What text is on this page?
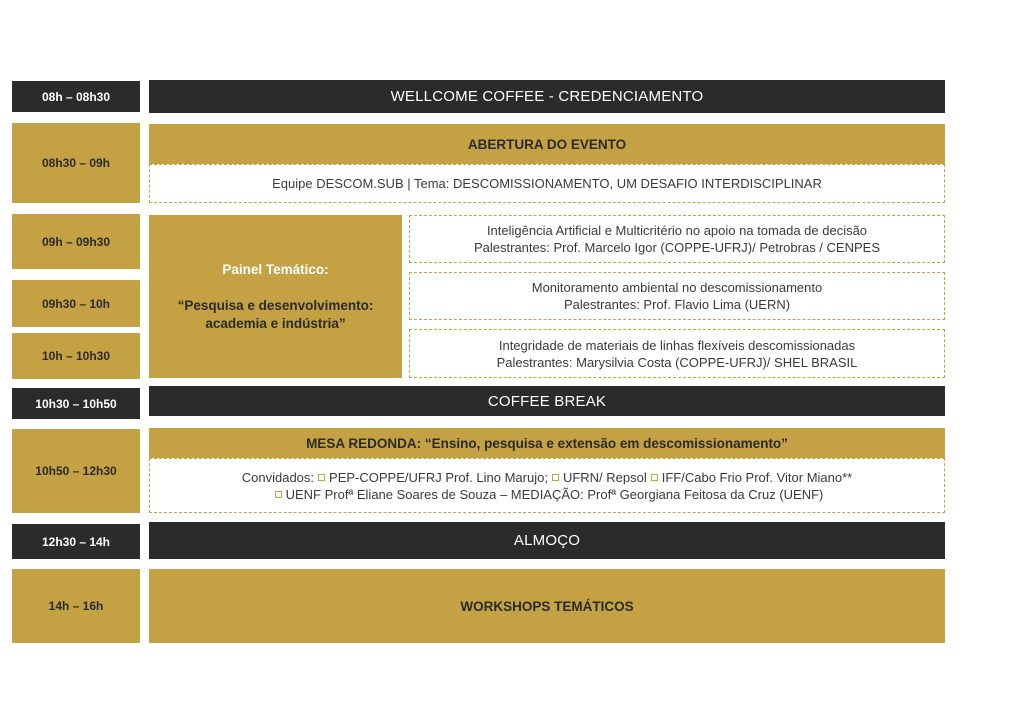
08h – 08h30
08h30 – 09h
09h – 09h30
09h30 – 10h
10h – 10h30
10h30 – 10h50
10h50 – 12h30
12h30 – 14h
14h – 16h
WELLCOME COFFEE - CREDENCIAMENTO
ABERTURA DO EVENTO
Equipe DESCOM.SUB | Tema: DESCOMISSIONAMENTO, UM DESAFIO INTERDISCIPLINAR
Painel Temático:
“Pesquisa e desenvolvimento:
academia e indústria”
Inteligência Artificial e Multicritério no apoio na tomada de decisão
Palestrantes: Prof. Marcelo Igor (COPPE-UFRJ)/ Petrobras / CENPES
Monitoramento ambiental no descomissionamento
Palestrantes: Prof. Flavio Lima (UERN)
Integridade de materiais de linhas flexíveis descomissionadas
Palestrantes: Marysilvia Costa (COPPE-UFRJ)/ SHEL BRASIL
COFFEE BREAK
MESA REDONDA: “Ensino, pesquisa e extensão em descomissionamento”
Convidados: PEP-COPPE/UFRJ Prof. Lino Marujo; UFRN/ Repsol IFF/Cabo Frio Prof. Vitor Miano**
UENF Profª Eliane Soares de Souza – MEDIAÇÃO: Profª Georgiana Feitosa da Cruz (UENF)
ALMOÇO
WORKSHOPS TEMÁTICOS
